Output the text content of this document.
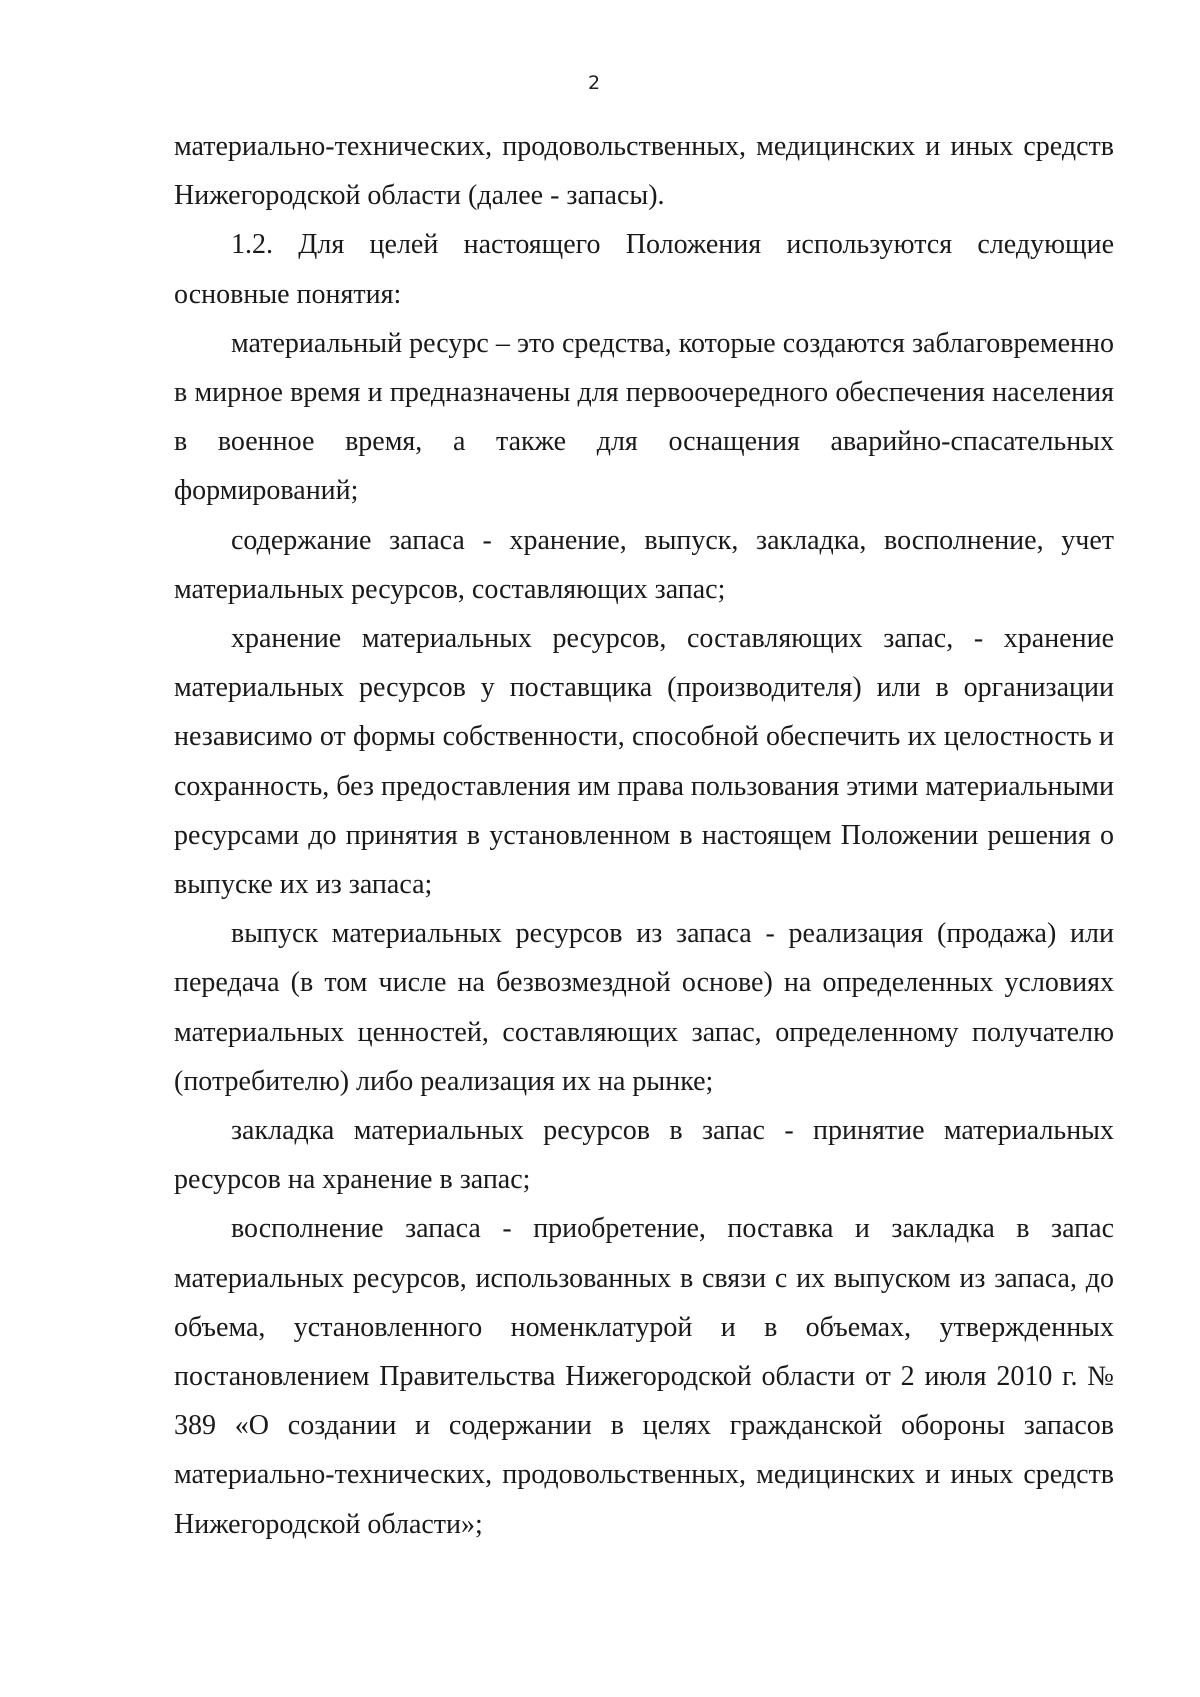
2

материально-технических, продовольственных, медицинских и иных средств Нижегородской области (далее - запасы).

1.2. Для целей настоящего Положения используются следующие основные понятия:

материальный ресурс – это средства, которые создаются заблаговременно в мирное время и предназначены для первоочередного обеспечения населения в военное время, а также для оснащения аварийно-спасательных формирований;

содержание запаса - хранение, выпуск, закладка, восполнение, учет материальных ресурсов, составляющих запас;

хранение материальных ресурсов, составляющих запас, - хранение материальных ресурсов у поставщика (производителя) или в организации независимо от формы собственности, способной обеспечить их целостность и сохранность, без предоставления им права пользования этими материальными ресурсами до принятия в установленном в настоящем Положении решения о выпуске их из запаса;

выпуск материальных ресурсов из запаса - реализация (продажа) или передача (в том числе на безвозмездной основе) на определенных условиях материальных ценностей, составляющих запас, определенному получателю (потребителю) либо реализация их на рынке;

закладка материальных ресурсов в запас - принятие материальных ресурсов на хранение в запас;

восполнение запаса - приобретение, поставка и закладка в запас материальных ресурсов, использованных в связи с их выпуском из запаса, до объема, установленного номенклатурой и в объемах, утвержденных постановлением Правительства Нижегородской области от 2 июля 2010 г. № 389 «О создании и содержании в целях гражданской обороны запасов материально-технических, продовольственных, медицинских и иных средств Нижегородской области»;
